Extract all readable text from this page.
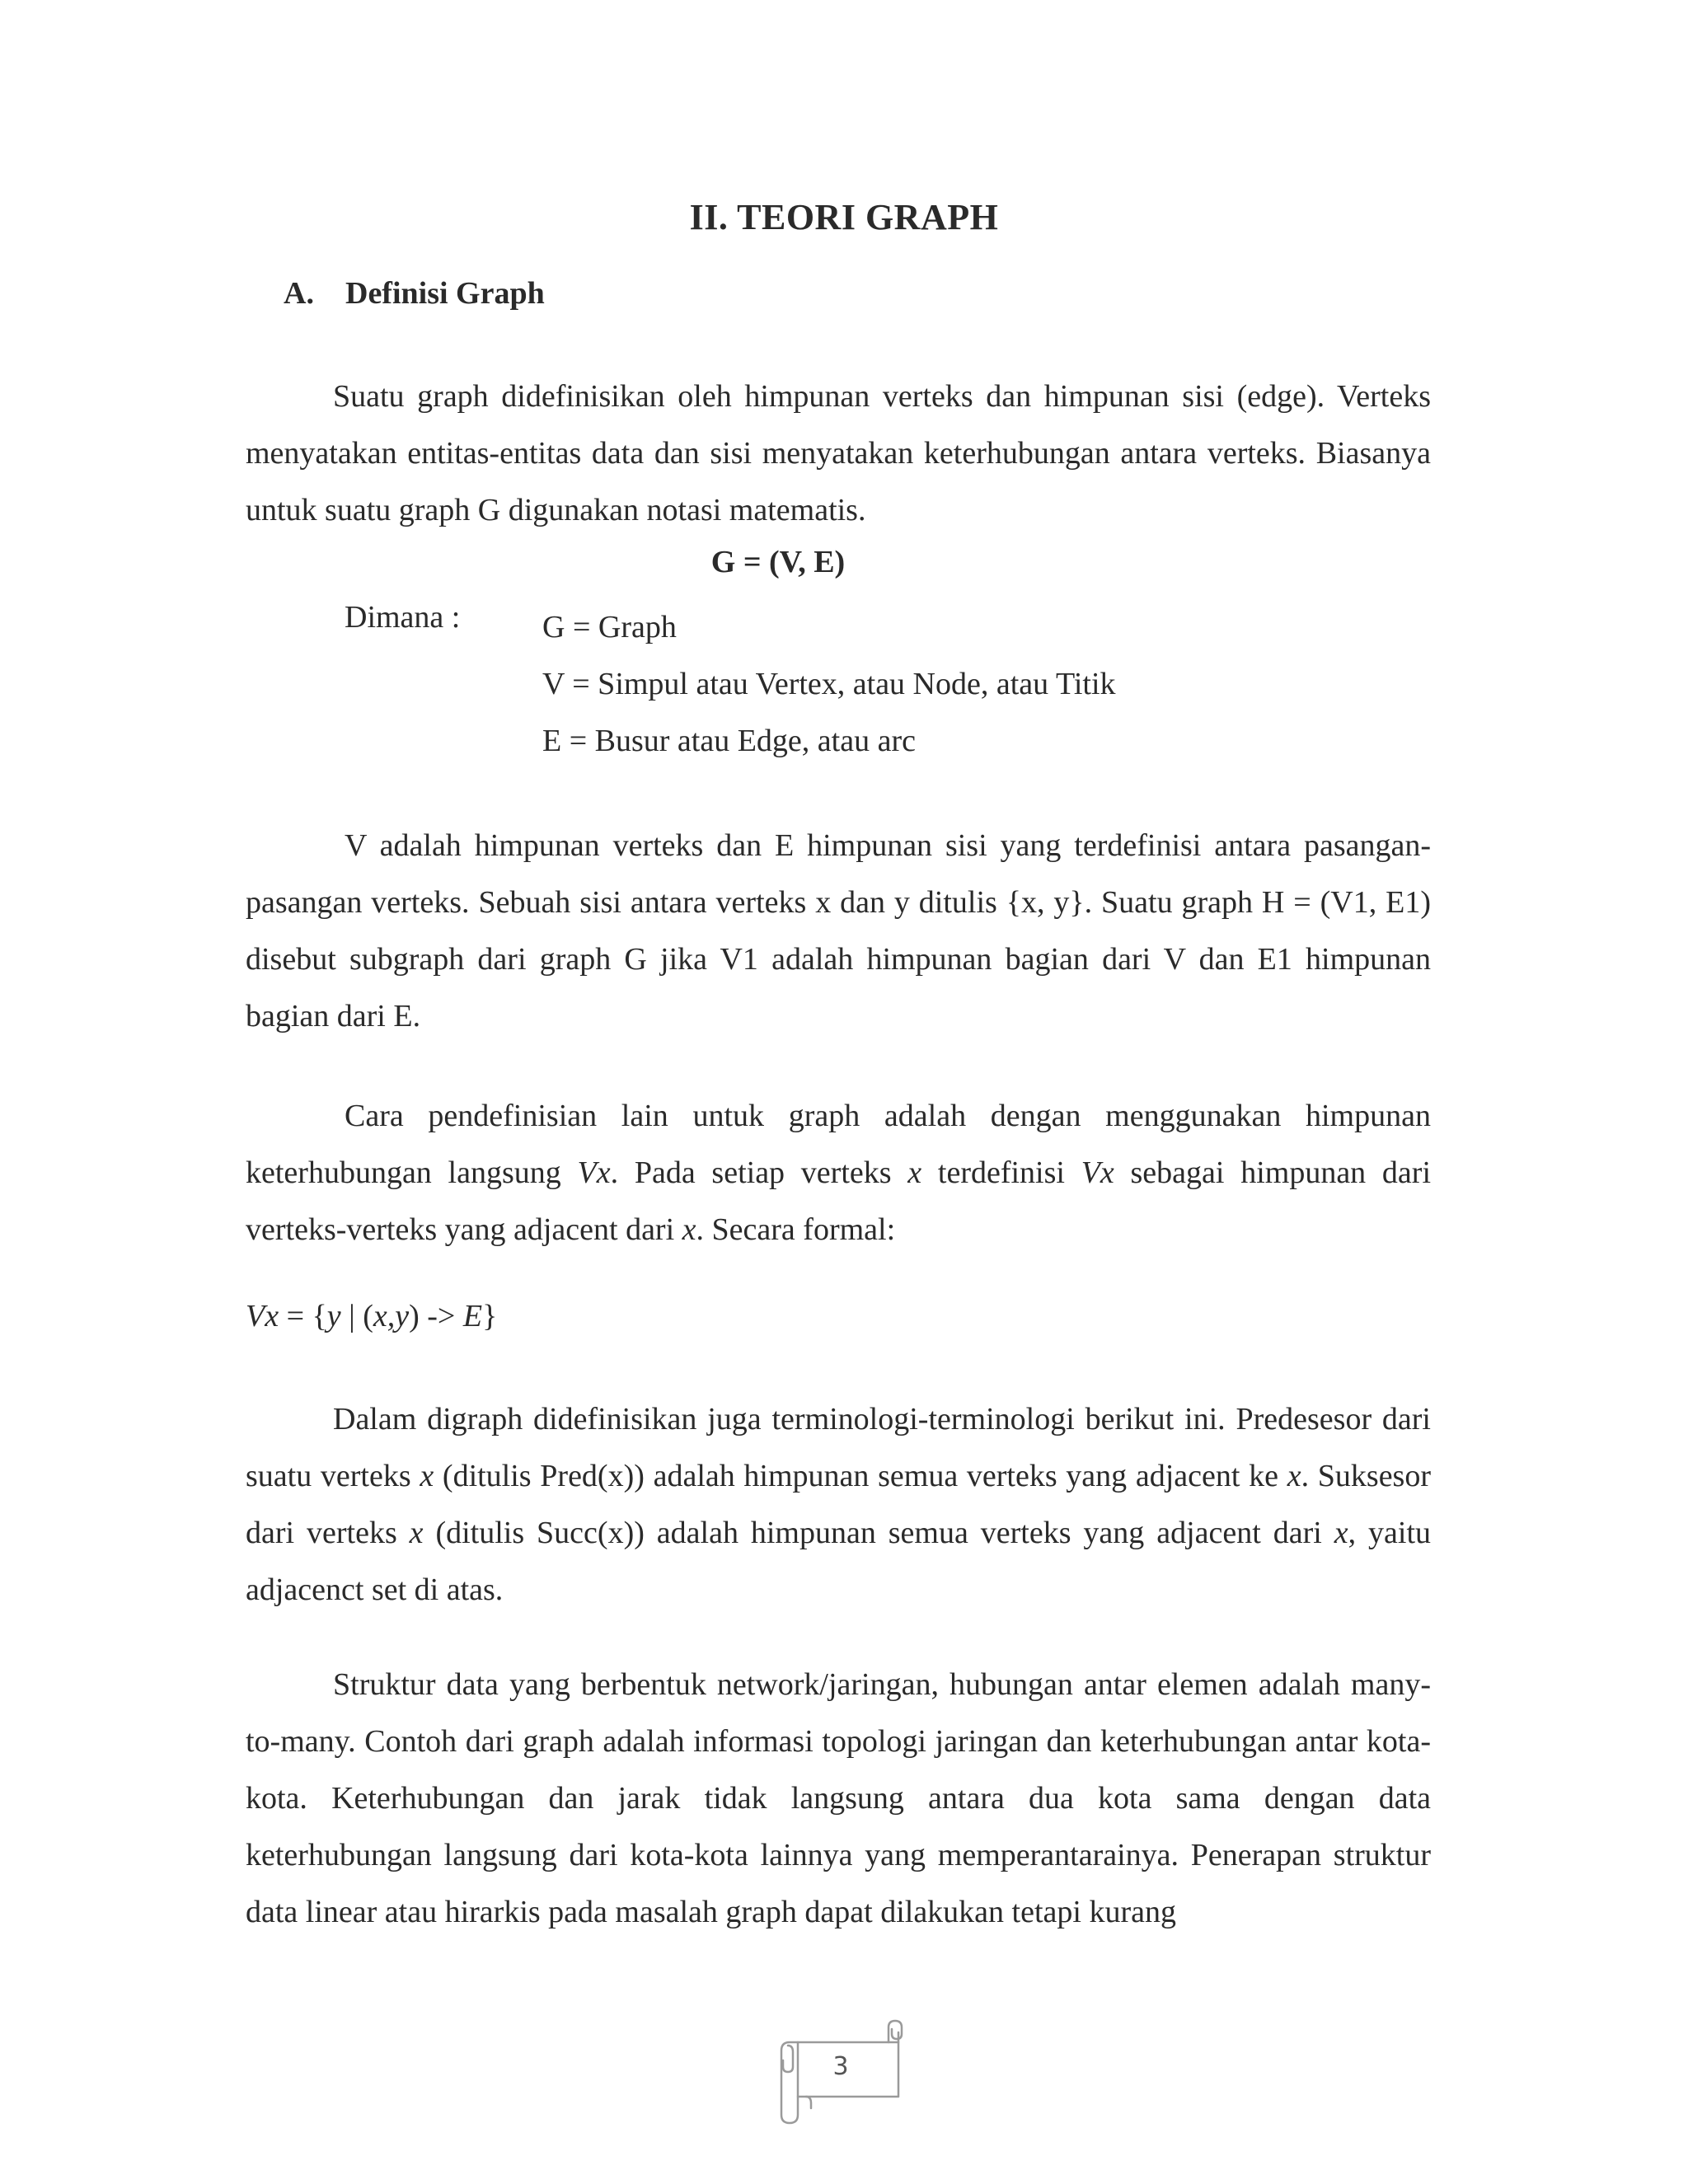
II. TEORI GRAPH
A. Definisi Graph

Suatu graph didefinisikan oleh himpunan verteks dan himpunan sisi (edge). Verteks menyatakan entitas-entitas data dan sisi menyatakan keterhubungan antara verteks. Biasanya untuk suatu graph G digunakan notasi matematis.

G = (V, E)

Dimana :	G = Graph
V = Simpul atau Vertex, atau Node, atau Titik
E = Busur atau Edge, atau arc

V adalah himpunan verteks dan E himpunan sisi yang terdefinisi antara pasangan-pasangan verteks. Sebuah sisi antara verteks x dan y ditulis {x, y}. Suatu graph H = (V1, E1) disebut subgraph dari graph G jika V1 adalah himpunan bagian dari V dan E1 himpunan bagian dari E.

Cara pendefinisian lain untuk graph adalah dengan menggunakan himpunan keterhubungan langsung Vx. Pada setiap verteks x terdefinisi Vx sebagai himpunan dari verteks-verteks yang adjacent dari x. Secara formal:

Vx = {y | (x,y) -> E}

Dalam digraph didefinisikan juga terminologi-terminologi berikut ini. Predesesor dari suatu verteks x (ditulis Pred(x)) adalah himpunan semua verteks yang adjacent ke x. Suksesor dari verteks x (ditulis Succ(x)) adalah himpunan semua verteks yang adjacent dari x, yaitu adjacenct set di atas.

Struktur data yang berbentuk network/jaringan, hubungan antar elemen adalah many-to-many. Contoh dari graph adalah informasi topologi jaringan dan keterhubungan antar kota-kota. Keterhubungan dan jarak tidak langsung antara dua kota sama dengan data keterhubungan langsung dari kota-kota lainnya yang memperantarainya. Penerapan struktur data linear atau hirarkis pada masalah graph dapat dilakukan tetapi kurang

3
